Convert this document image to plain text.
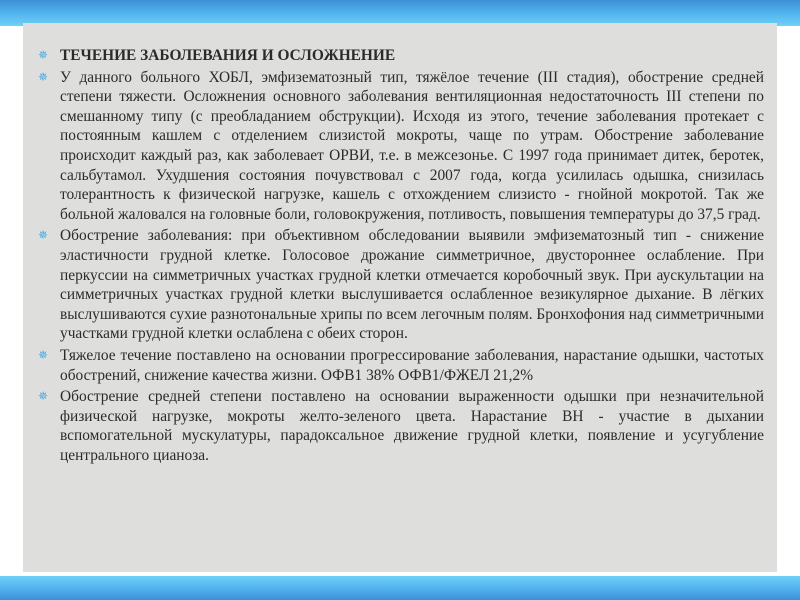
✵ ТЕЧЕНИЕ ЗАБОЛЕВАНИЯ И ОСЛОЖНЕНИЕ
✵ У данного больного ХОБЛ, эмфизематозный тип, тяжёлое течение (III стадия), обострение средней степени тяжести. Осложнения основного заболевания вентиляционная недостаточность III степени по смешанному типу (с преобладанием обструкции). Исходя из этого, течение заболевания протекает с постоянным кашлем с отделением слизистой мокроты, чаще по утрам. Обострение заболевание происходит каждый раз, как заболевает ОРВИ, т.е. в межсезонье. С 1997 года принимает дитек, беротек, сальбутамол. Ухудшения состояния почувствовал с 2007 года, когда усилилась одышка, снизилась толерантность к физической нагрузке, кашель с отхождением слизисто - гнойной мокротой. Так же больной жаловался на головные боли, головокружения, потливость, повышения температуры до 37,5 град.
✵ Обострение заболевания: при объективном обследовании выявили эмфизематозный тип - снижение эластичности грудной клетке. Голосовое дрожание симметричное, двустороннее ослабление. При перкуссии на симметричных участках грудной клетки отмечается коробочный звук. При аускультации на симметричных участках грудной клетки выслушивается ослабленное везикулярное дыхание. В лёгких выслушиваются сухие разнотональные хрипы по всем легочным полям. Бронхофония над симметричными участками грудной клетки ослаблена с обеих сторон.
✵ Тяжелое течение поставлено на основании прогрессирование заболевания, нарастание одышки, частотых обострений, снижение качества жизни. ОФВ1 38% ОФВ1/ФЖЕЛ 21,2%
✵ Обострение средней степени поставлено на основании выраженности одышки при незначительной физической нагрузке, мокроты желто-зеленого цвета. Нарастание ВН - участие в дыхании вспомогательной мускулатуры, парадоксальное движение грудной клетки, появление и усугубление центрального цианоза.
